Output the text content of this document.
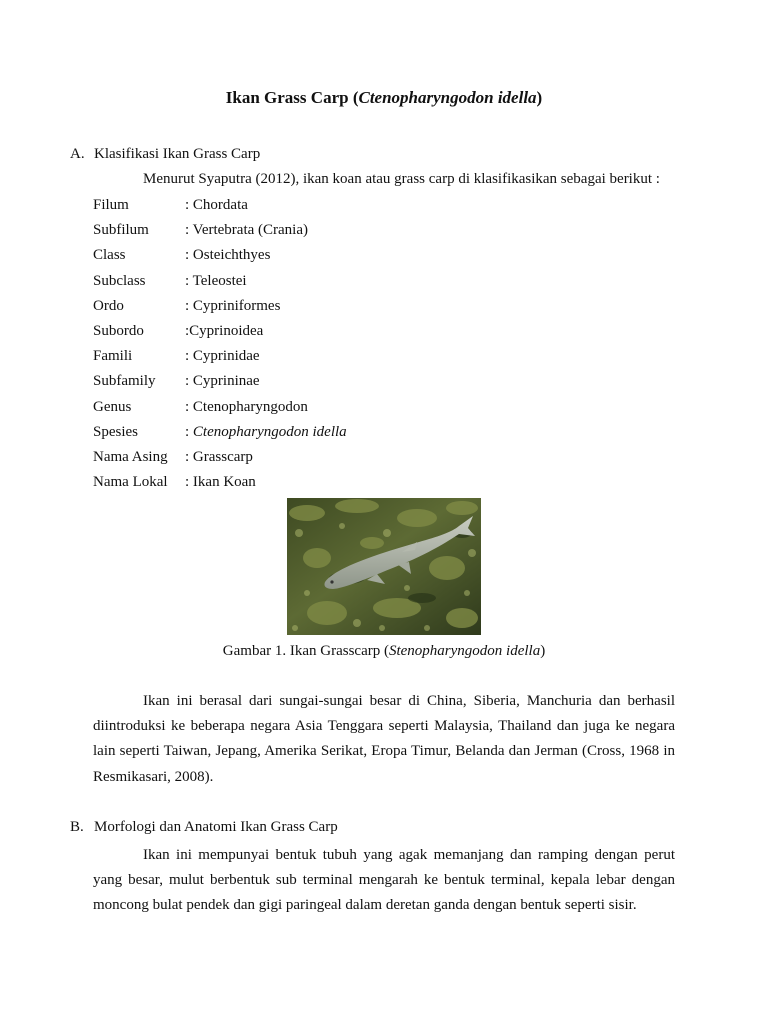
Ikan Grass Carp (Ctenopharyngodon idella)
A. Klasifikasi Ikan Grass Carp
Menurut Syaputra (2012), ikan koan atau grass carp di klasifikasikan sebagai berikut :
Filum	: Chordata
Subfilum : Vertebrata (Crania)
Class	: Osteichthyes
Subclass	: Teleostei
Ordo	: Cypriniformes
Subordo	:Cyprinoidea
Famili	: Cyprinidae
Subfamily : Cyprininae
Genus	: Ctenopharyngodon
Spesies	: Ctenopharyngodon idella
Nama Asing : Grasscarp
Nama Lokal : Ikan Koan
Gambar 1. Ikan Grasscarp (Stenopharyngodon idella)
Ikan ini berasal dari sungai-sungai besar di China, Siberia, Manchuria dan berhasil diintroduksi ke beberapa negara Asia Tenggara seperti Malaysia, Thailand dan juga ke negara lain seperti Taiwan, Jepang, Amerika Serikat, Eropa Timur, Belanda dan Jerman (Cross, 1968 in Resmikasari, 2008).
B. Morfologi dan Anatomi Ikan Grass Carp
Ikan ini mempunyai bentuk tubuh yang agak memanjang dan ramping dengan perut yang besar, mulut berbentuk sub terminal mengarah ke bentuk terminal, kepala lebar dengan moncong bulat pendek dan gigi paringeal dalam deretan ganda dengan bentuk seperti sisir.
